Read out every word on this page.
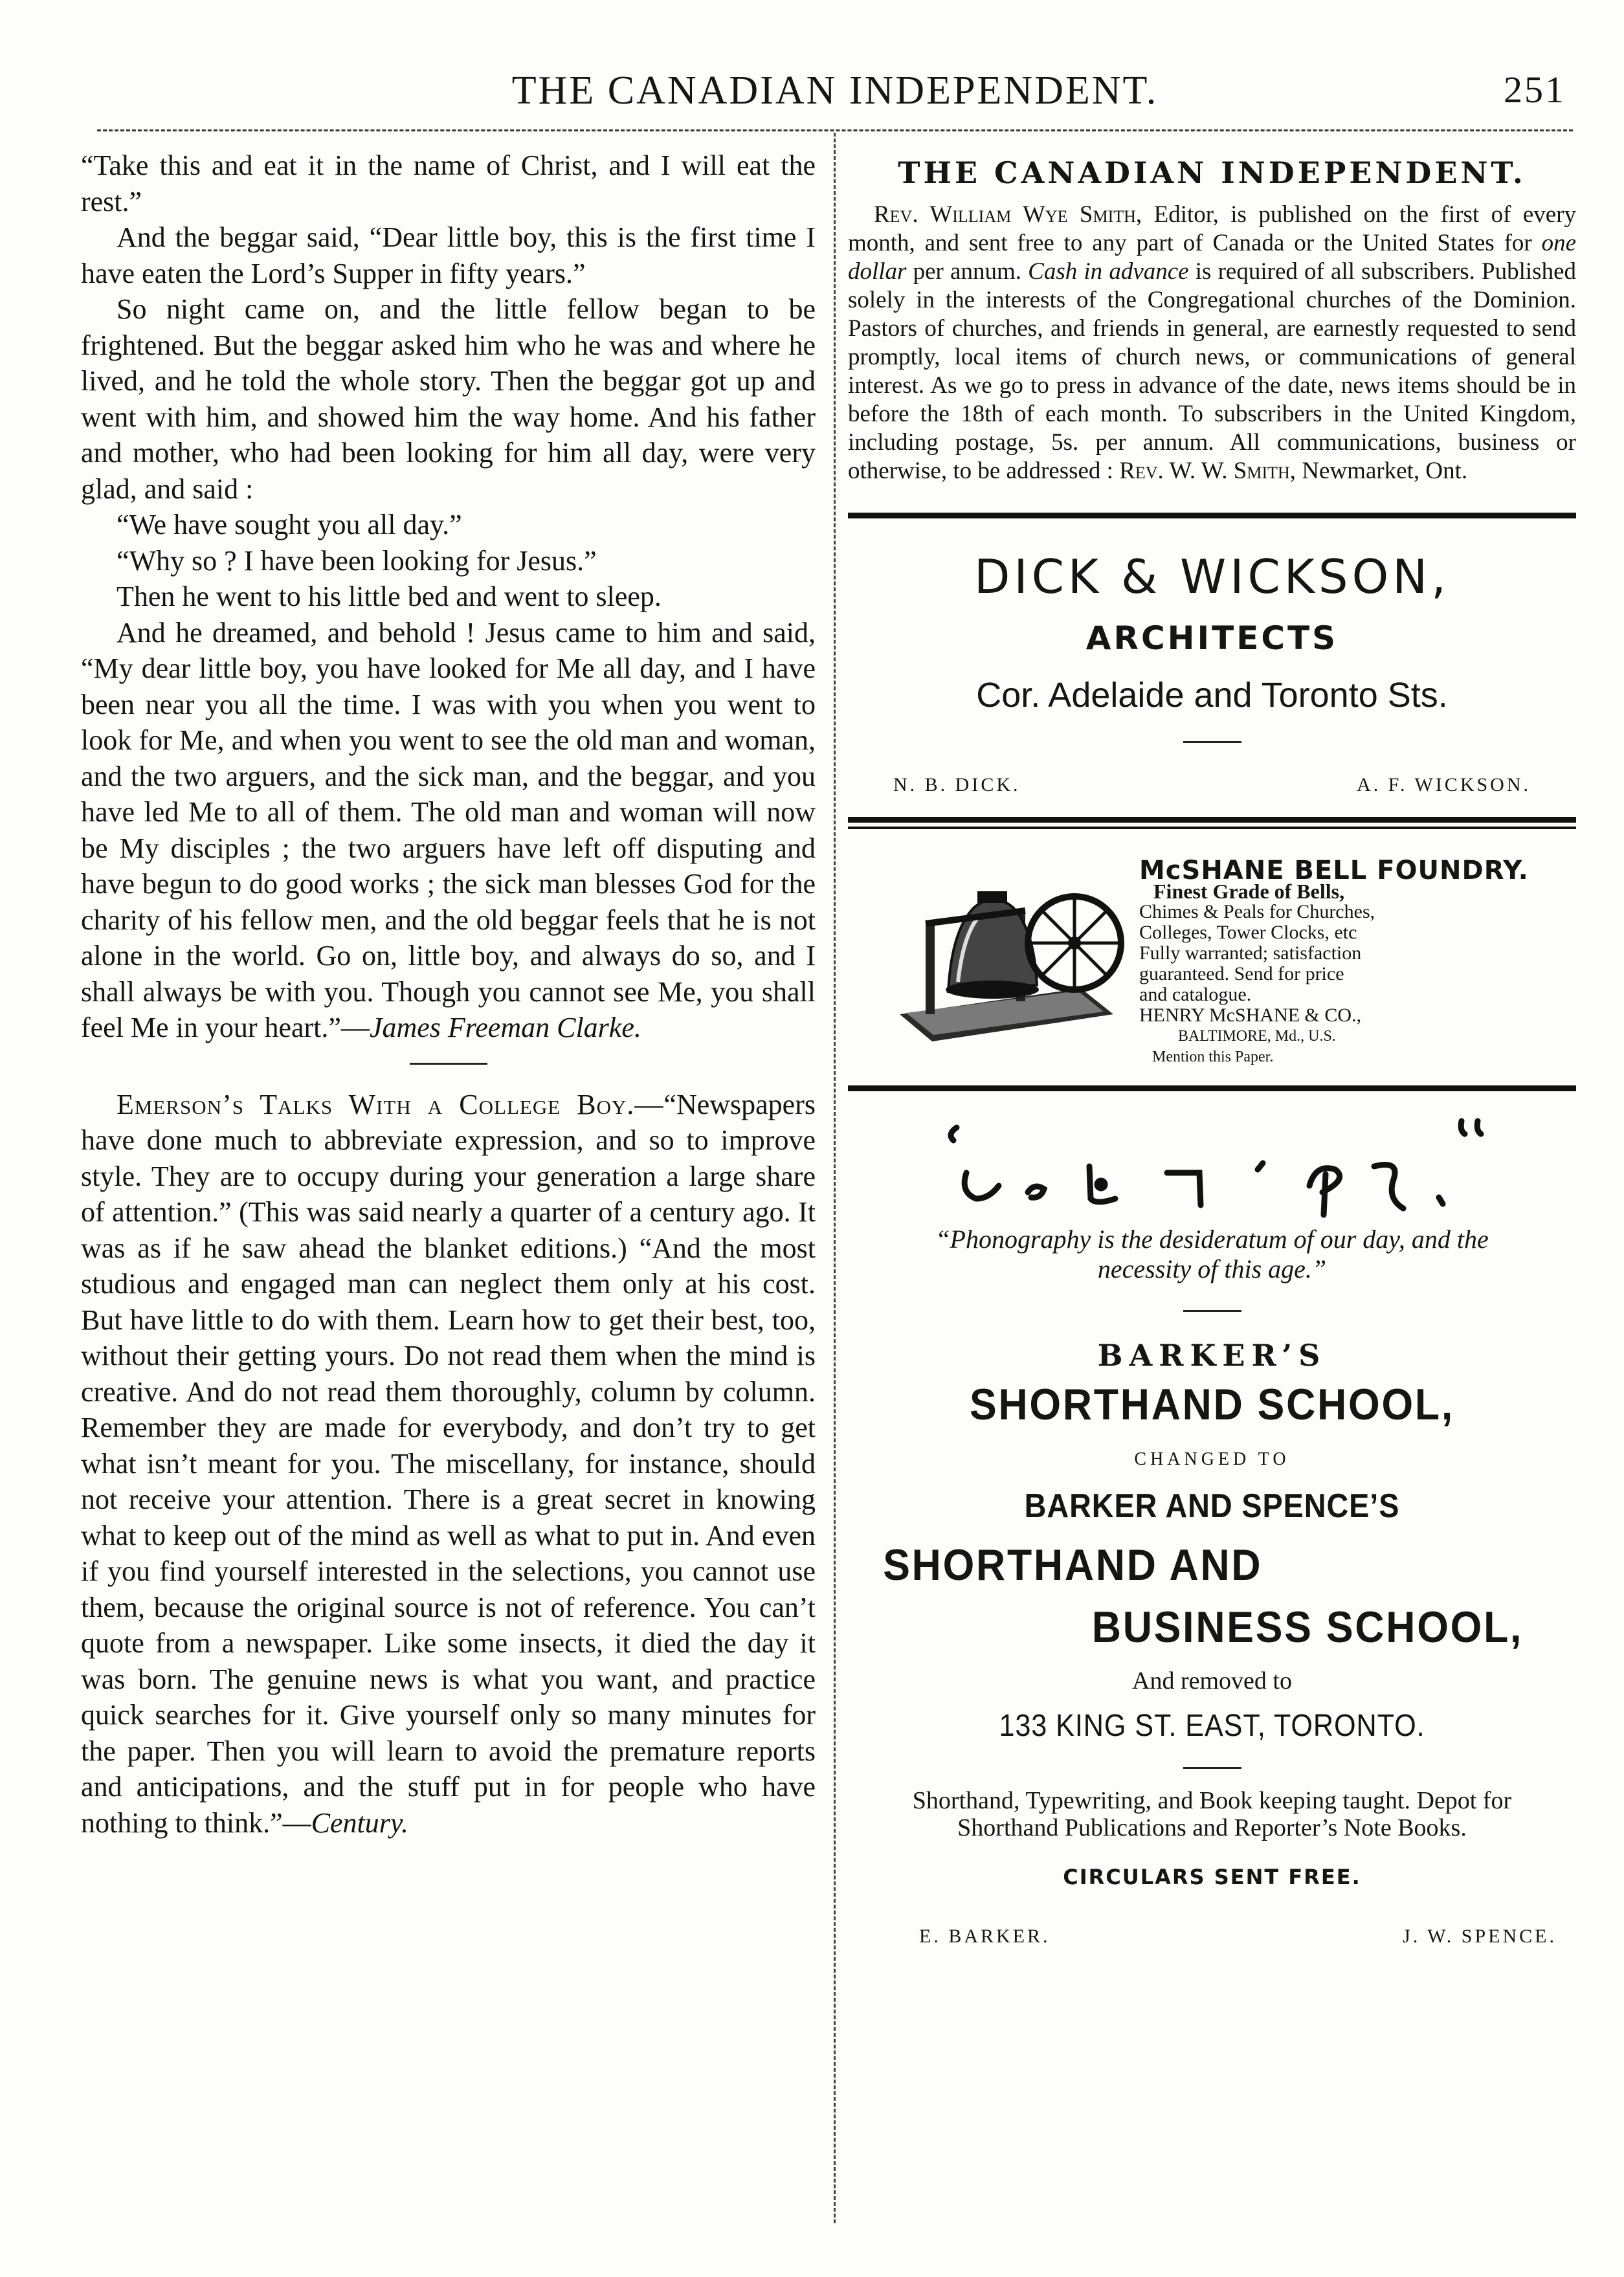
THE CANADIAN INDEPENDENT.	251

“Take this and eat it in the name of Christ, and I will eat the rest.”

And the beggar said, “Dear little boy, this is the first time I have eaten the Lord’s Supper in fifty years.”

So night came on, and the little fellow began to be frightened. But the beggar asked him who he was and where he lived, and he told the whole story. Then the beggar got up and went with him, and showed him the way home. And his father and mother, who had been looking for him all day, were very glad, and said :

“We have sought you all day.”

“Why so ? I have been looking for Jesus.”

Then he went to his little bed and went to sleep.

And he dreamed, and behold ! Jesus came to him and said, “My dear little boy, you have looked for Me all day, and I have been near you all the time. I was with you when you went to look for Me, and when you went to see the old man and woman, and the two arguers, and the sick man, and the beggar, and you have led Me to all of them. The old man and woman will now be My disciples ; the two arguers have left off disputing and have begun to do good works ; the sick man blesses God for the charity of his fellow men, and the old beggar feels that he is not alone in the world. Go on, little boy, and always do so, and I shall always be with you. Though you cannot see Me, you shall feel Me in your heart.”—James Freeman Clarke.

Emerson’s Talks With a College Boy.—“Newspapers have done much to abbreviate expression, and so to improve style. They are to occupy during your generation a large share of attention.” (This was said nearly a quarter of a century ago. It was as if he saw ahead the blanket editions.) “And the most studious and engaged man can neglect them only at his cost. But have little to do with them. Learn how to get their best, too, without their getting yours. Do not read them when the mind is creative. And do not read them thoroughly, column by column. Remember they are made for everybody, and don’t try to get what isn’t meant for you. The miscellany, for instance, should not receive your attention. There is a great secret in knowing what to keep out of the mind as well as what to put in. And even if you find yourself interested in the selections, you cannot use them, because the original source is not of reference. You can’t quote from a newspaper. Like some insects, it died the day it was born. The genuine news is what you want, and practice quick searches for it. Give yourself only so many minutes for the paper. Then you will learn to avoid the premature reports and anticipations, and the stuff put in for people who have nothing to think.”—Century.

THE CANADIAN INDEPENDENT.

Rev. William Wye Smith, Editor, is published on the first of every month, and sent free to any part of Canada or the United States for one dollar per annum. Cash in advance is required of all subscribers. Published solely in the interests of the Congregational churches of the Dominion. Pastors of churches, and friends in general, are earnestly requested to send promptly, local items of church news, or communications of general interest. As we go to press in advance of the date, news items should be in before the 18th of each month. To subscribers in the United Kingdom, including postage, 5s. per annum. All communications, business or otherwise, to be addressed : Rev. W. W. Smith, Newmarket, Ont.

DICK & WICKSON,
ARCHITECTS
Cor. Adelaide and Toronto Sts.
N. B. DICK.	A. F. WICKSON.
McSHANE BELL FOUNDRY.
Finest Grade of Bells,
Chimes & Peals for Churches,
Colleges, Tower Clocks, etc
Fully warranted; satisfaction
guaranteed. Send for price
and catalogue.
HENRY McSHANE & CO.,
BALTIMORE, Md., U.S.
Mention this Paper.
“Phonography is the desideratum of our day, and the necessity of this age.”
BARKER’S
SHORTHAND SCHOOL,
CHANGED TO
BARKER AND SPENCE’S
SHORTHAND AND
BUSINESS SCHOOL,
And removed to
133 KING ST. EAST, TORONTO.
Shorthand, Typewriting, and Book keeping taught. Depot for Shorthand Publications and Reporter’s Note Books.
CIRCULARS SENT FREE.
E. BARKER.	J. W. SPENCE.
